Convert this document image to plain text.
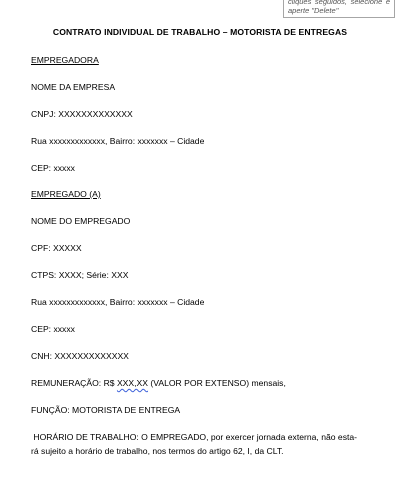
cliques seguidos, selecione e aperte "Delete"
CONTRATO INDIVIDUAL DE TRABALHO – MOTORISTA DE ENTREGAS
EMPREGADORA
NOME DA EMPRESA
CNPJ: XXXXXXXXXXXXX
Rua xxxxxxxxxxxxx, Bairro: xxxxxxx – Cidade
CEP: xxxxx
EMPREGADO (A)
NOME DO EMPREGADO
CPF: XXXXX
CTPS: XXXX; Série: XXX
Rua xxxxxxxxxxxxx, Bairro: xxxxxxx – Cidade
CEP: xxxxx
CNH: XXXXXXXXXXXXX
REMUNERAÇÃO: R$ XXX,XX (VALOR POR EXTENSO) mensais,
FUNÇÃO: MOTORISTA DE ENTREGA
HORÁRIO DE TRABALHO: O EMPREGADO, por exercer jornada externa, não esta-
rá sujeito a horário de trabalho, nos termos do artigo 62, I, da CLT.
